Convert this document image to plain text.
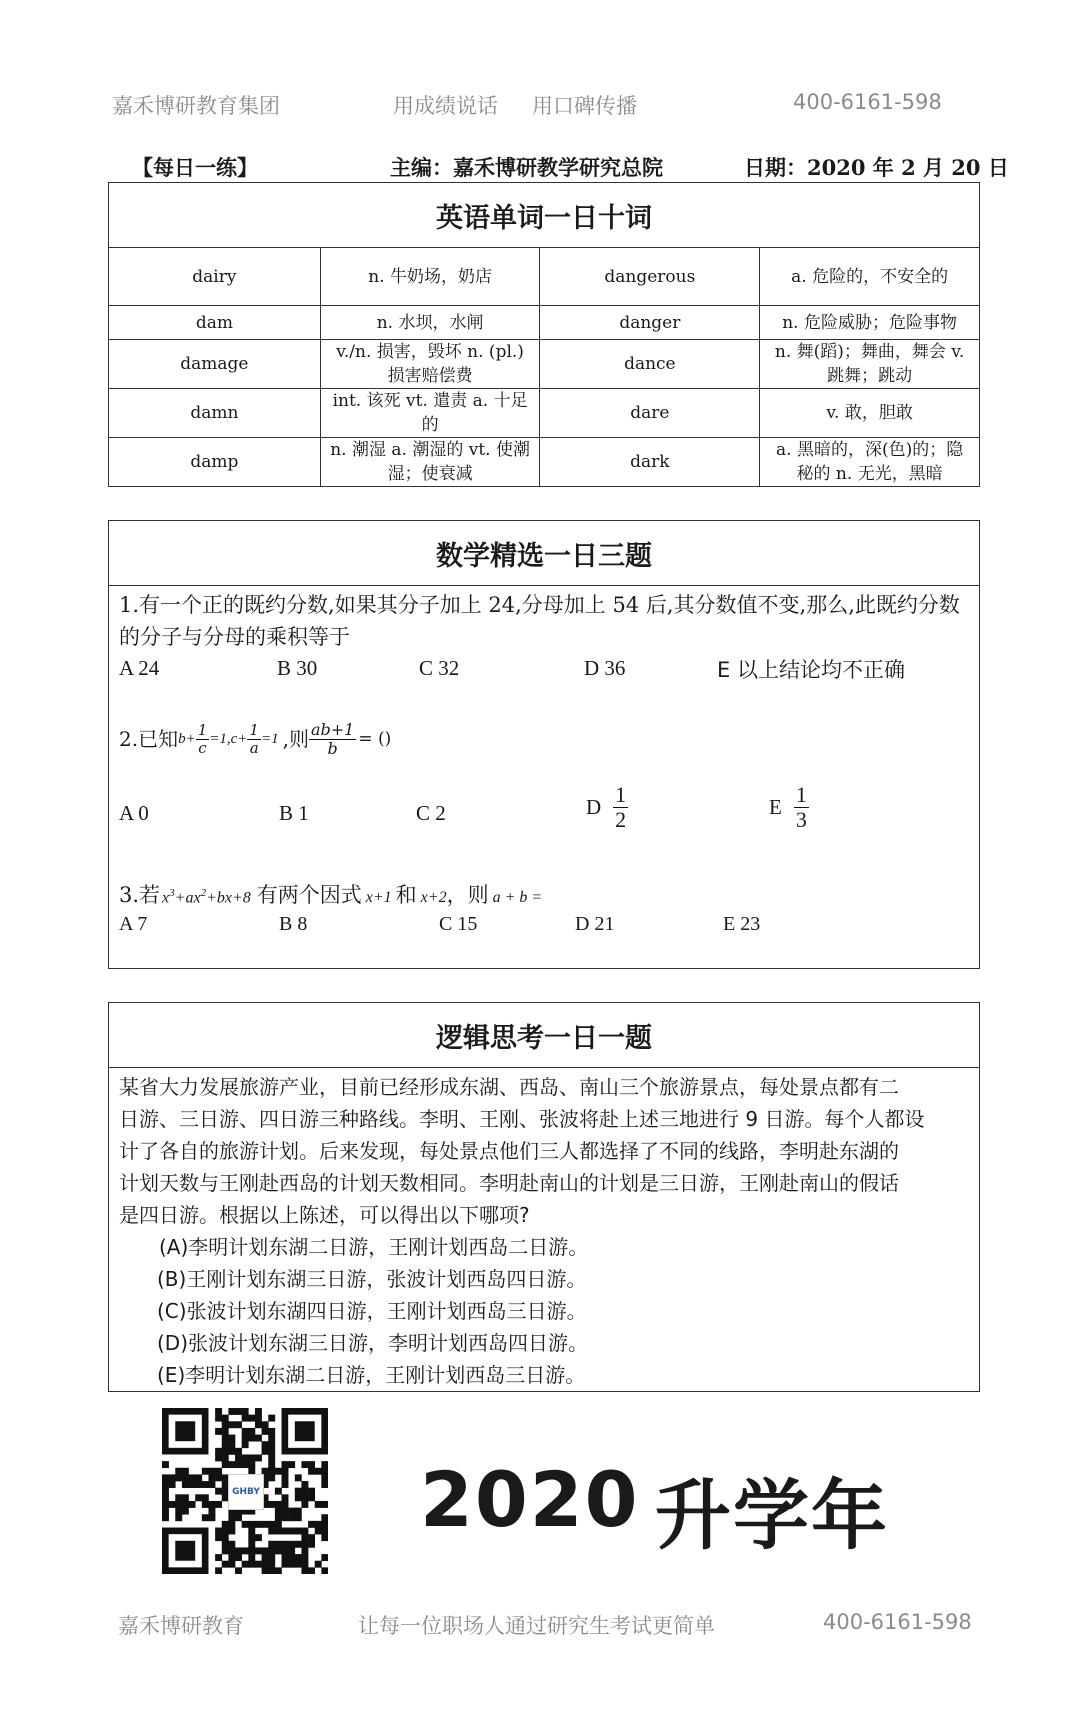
嘉禾博研教育集团	用成绩说话 用口碑传播	400-6161-598
【每日一练】	主编：嘉禾博研教学研究总院	日期：2020 年 2 月 20 日
英语单词一日十词
dairy	n. 牛奶场，奶店	dangerous	a. 危险的，不安全的
dam	n. 水坝，水闸	danger	n. 危险威胁；危险事物
damage	v./n. 损害，毁坏 n. (pl.) 损害赔偿费	dance	n. 舞(蹈)；舞曲，舞会 v. 跳舞；跳动
damn	int. 该死 vt. 遣责 a. 十足的	dare	v. 敢，胆敢
damp	n. 潮湿 a. 潮湿的 vt. 使潮湿；使衰减	dark	a. 黑暗的，深(色)的；隐秘的 n. 无光，黑暗
数学精选一日三题
1.有一个正的既约分数,如果其分子加上 24,分母加上 54 后,其分数值不变,那么,此既约分数的分子与分母的乘积等于
A 24	B 30	C 32	D 36	E 以上结论均不正确
2.已知 $b+ \frac{1}{c} =1,c+ \frac{1}{a} =1$ ,则 $\frac{ab+1}{b}$ = ()
A 0	B 1	C 2	D $\frac{1}{2}$	E $\frac{1}{3}$
3.若 $x^3+ax^2+bx+8$ 有两个因式 x+1 和 x+2 ，则 a + b =
A 7	B 8	C 15	D 21	E 23
逻辑思考一日一题
某省大力发展旅游产业，目前已经形成东湖、西岛、南山三个旅游景点，每处景点都有二
日游、三日游、四日游三种路线。李明、王刚、张波将赴上述三地进行 9 日游。每个人都设
计了各自的旅游计划。后来发现，每处景点他们三人都选择了不同的线路，李明赴东湖的
计划天数与王刚赴西岛的计划天数相同。李明赴南山的计划是三日游，王刚赴南山的假话
是四日游。根据以上陈述，可以得出以下哪项?
(A)李明计划东湖二日游，王刚计划西岛二日游。
(B)王刚计划东湖三日游，张波计划西岛四日游。
(C)张波计划东湖四日游，王刚计划西岛三日游。
(D)张波计划东湖三日游，李明计划西岛四日游。
(E)李明计划东湖二日游，王刚计划西岛三日游。
GHBY 2020 升学年
嘉禾博研教育	让每一位职场人通过研究生考试更简单	400-6161-598
